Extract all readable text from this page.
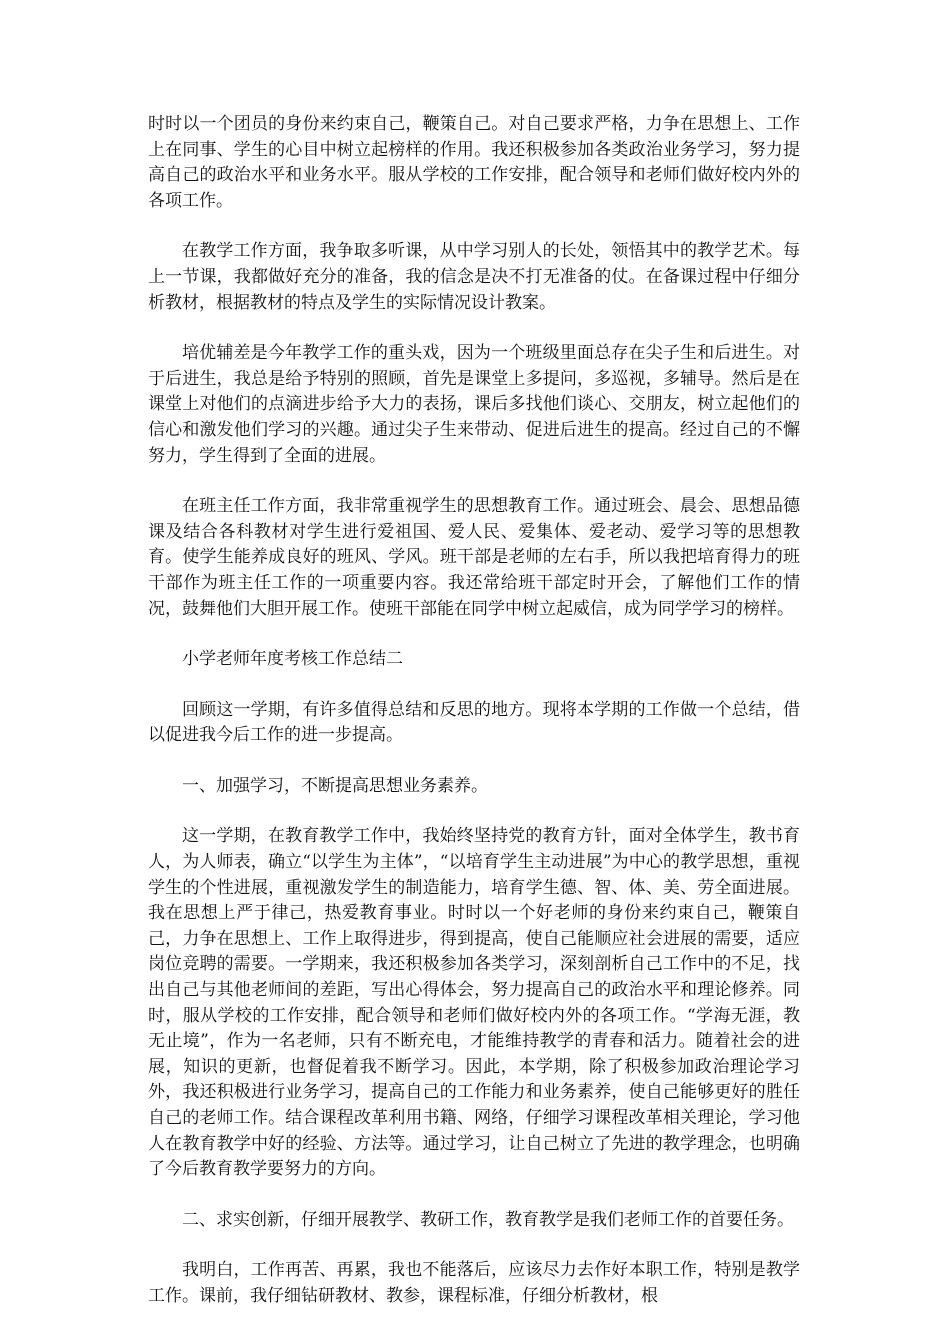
时时以一个团员的身份来约束自己，鞭策自己。对自己要求严格，力争在思想上、工作上在同事、学生的心目中树立起榜样的作用。我还积极参加各类政治业务学习，努力提高自己的政治水平和业务水平。服从学校的工作安排，配合领导和老师们做好校内外的各项工作。

在教学工作方面，我争取多听课，从中学习别人的长处，领悟其中的教学艺术。每上一节课，我都做好充分的准备，我的信念是决不打无准备的仗。在备课过程中仔细分析教材，根据教材的特点及学生的实际情况设计教案。

培优辅差是今年教学工作的重头戏，因为一个班级里面总存在尖子生和后进生。对于后进生，我总是给予特别的照顾，首先是课堂上多提问，多巡视，多辅导。然后是在课堂上对他们的点滴进步给予大力的表扬，课后多找他们谈心、交朋友，树立起他们的信心和激发他们学习的兴趣。通过尖子生来带动、促进后进生的提高。经过自己的不懈努力，学生得到了全面的进展。

在班主任工作方面，我非常重视学生的思想教育工作。通过班会、晨会、思想品德课及结合各科教材对学生进行爱祖国、爱人民、爱集体、爱老动、爱学习等的思想教育。使学生能养成良好的班风、学风。班干部是老师的左右手，所以我把培育得力的班干部作为班主任工作的一项重要内容。我还常给班干部定时开会，了解他们工作的情况，鼓舞他们大胆开展工作。使班干部能在同学中树立起威信，成为同学学习的榜样。

小学老师年度考核工作总结二

回顾这一学期，有许多值得总结和反思的地方。现将本学期的工作做一个总结，借以促进我今后工作的进一步提高。

一、加强学习，不断提高思想业务素养。

这一学期，在教育教学工作中，我始终坚持党的教育方针，面对全体学生，教书育人，为人师表，确立“以学生为主体”，“以培育学生主动进展”为中心的教学思想，重视学生的个性进展，重视激发学生的制造能力，培育学生德、智、体、美、劳全面进展。我在思想上严于律己，热爱教育事业。时时以一个好老师的身份来约束自己，鞭策自己，力争在思想上、工作上取得进步，得到提高，使自己能顺应社会进展的需要，适应岗位竞聘的需要。一学期来，我还积极参加各类学习，深刻剖析自己工作中的不足，找出自己与其他老师间的差距，写出心得体会，努力提高自己的政治水平和理论修养。同时，服从学校的工作安排，配合领导和老师们做好校内外的各项工作。“学海无涯，教无止境”，作为一名老师，只有不断充电，才能维持教学的青春和活力。随着社会的进展，知识的更新，也督促着我不断学习。因此，本学期，除了积极参加政治理论学习外，我还积极进行业务学习，提高自己的工作能力和业务素养，使自己能够更好的胜任自己的老师工作。结合课程改革利用书籍、网络，仔细学习课程改革相关理论，学习他人在教育教学中好的经验、方法等。通过学习，让自己树立了先进的教学理念，也明确了今后教育教学要努力的方向。

二、求实创新，仔细开展教学、教研工作，教育教学是我们老师工作的首要任务。

我明白，工作再苦、再累，我也不能落后，应该尽力去作好本职工作，特别是教学工作。课前，我仔细钻研教材、教参，课程标准，仔细分析教材，根
